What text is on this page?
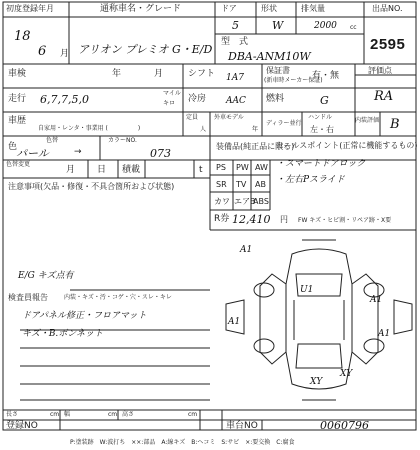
初度登録年月
18
6 月
通称車名・グレード
アリオン プレミオ G・E/D
ドア
5
形状
W
排気量
2000 cc
型　式
DBA-ANM10W
出品NO.
2595
車検	年	月	シフト 1A7
保証書
(新車時メーカー保証)
有・無
評価点
RA
走行 6,7,7,5,0	マイル
キロ 冷房 AAC 燃料	G
車歴
自家用・レンタ・事業用 (　　　　　)
定員
人
外車モデル
年
ディラー並行
ハンドル
左・右
内装評価 B
色
色替	カラーNO.
パール	→	073
色替変更
月 日 積載	t
注意事項(欠品・修復・不具合箇所および状態)
装備品(純正品に限る)
PS PW AW
SR TV AB
カワ エアB
ABS
R券 12,410 円
セールスポイント(正常に機能するもの)
・スマートドアロック
・左右Pスライド
FW キズ・ヒビ割・リペア跡・X要
E/G キズ点有
検査員報告	内装・キズ・汚・コゲ・穴・スレ・キレ
ドアパネル修正・フロアマット
キズ・B.ボンネット
A1
A1
A1
A1
XY
XY
U1
長さ	cm 幅	cm 高さ	cm
登録NO	車台NO	0060796
P:塗装跡　W:波打ち　××:部品　A:線キズ　B:ヘコミ　S:サビ　×:要交換　C:腐食
